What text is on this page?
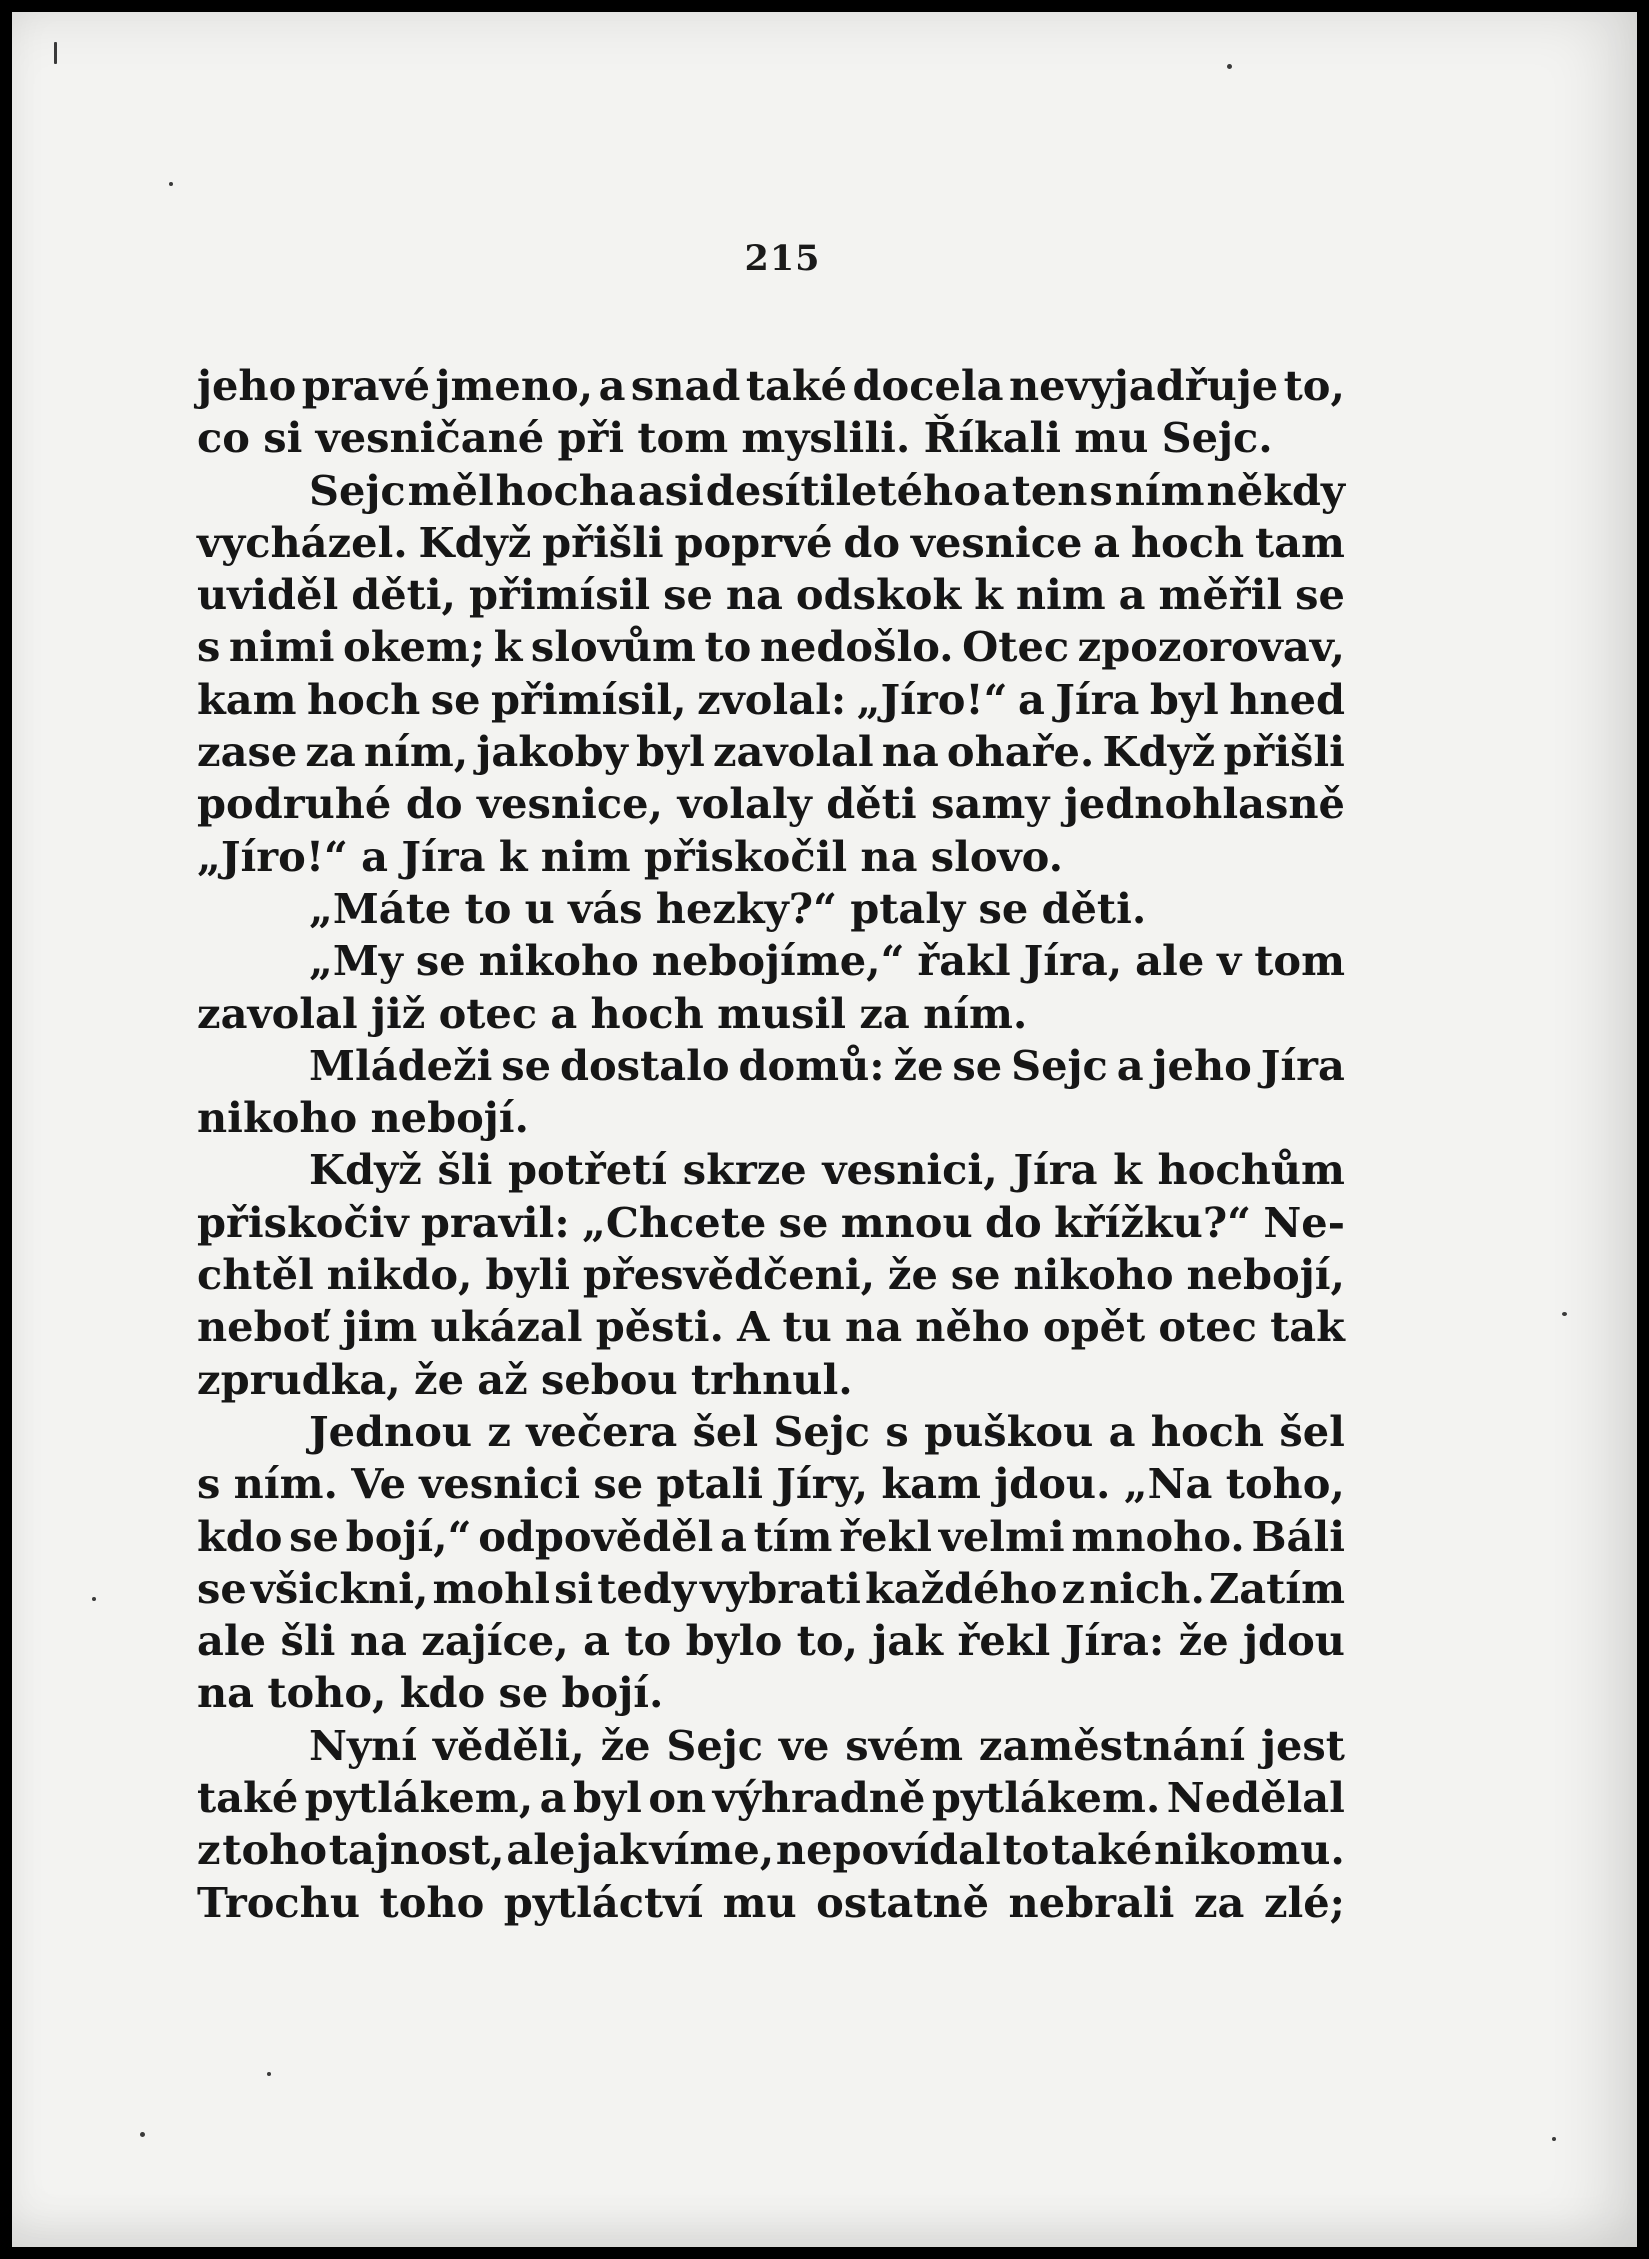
215
jeho pravé jmeno, a snad také docela nevyjadřuje to,
co si vesničané při tom myslili. Říkali mu Sejc.
Sejc měl hocha asi desítiletého a ten s ním někdy
vycházel. Když přišli poprvé do vesnice a hoch tam
uviděl děti, přimísil se na odskok k nim a měřil se
s nimi okem; k slovům to nedošlo. Otec zpozorovav,
kam hoch se přimísil, zvolal: „Jíro!“ a Jíra byl hned
zase za ním, jakoby byl zavolal na ohaře. Když přišli
podruhé do vesnice, volaly děti samy jednohlasně
„Jíro!“ a Jíra k nim přiskočil na slovo.
„Máte to u vás hezky?“ ptaly se děti.
„My se nikoho nebojíme,“ řakl Jíra, ale v tom
zavolal již otec a hoch musil za ním.
Mládeži se dostalo domů: že se Sejc a jeho Jíra
nikoho nebojí.
Když šli potřetí skrze vesnici, Jíra k hochům
přiskočiv pravil: „Chcete se mnou do křížku?“ Ne-
chtěl nikdo, byli přesvědčeni, že se nikoho nebojí,
neboť jim ukázal pěsti. A tu na něho opět otec tak
zprudka, že až sebou trhnul.
Jednou z večera šel Sejc s puškou a hoch šel
s ním. Ve vesnici se ptali Jíry, kam jdou. „Na toho,
kdo se bojí,“ odpověděl a tím řekl velmi mnoho. Báli
se všickni, mohl si tedy vybrati každého z nich. Zatím
ale šli na zajíce, a to bylo to, jak řekl Jíra: že jdou
na toho, kdo se bojí.
Nyní věděli, že Sejc ve svém zaměstnání jest
také pytlákem, a byl on výhradně pytlákem. Nedělal
z toho tajnost, ale jak víme, nepovídal to také nikomu.
Trochu toho pytláctví mu ostatně nebrali za zlé;
